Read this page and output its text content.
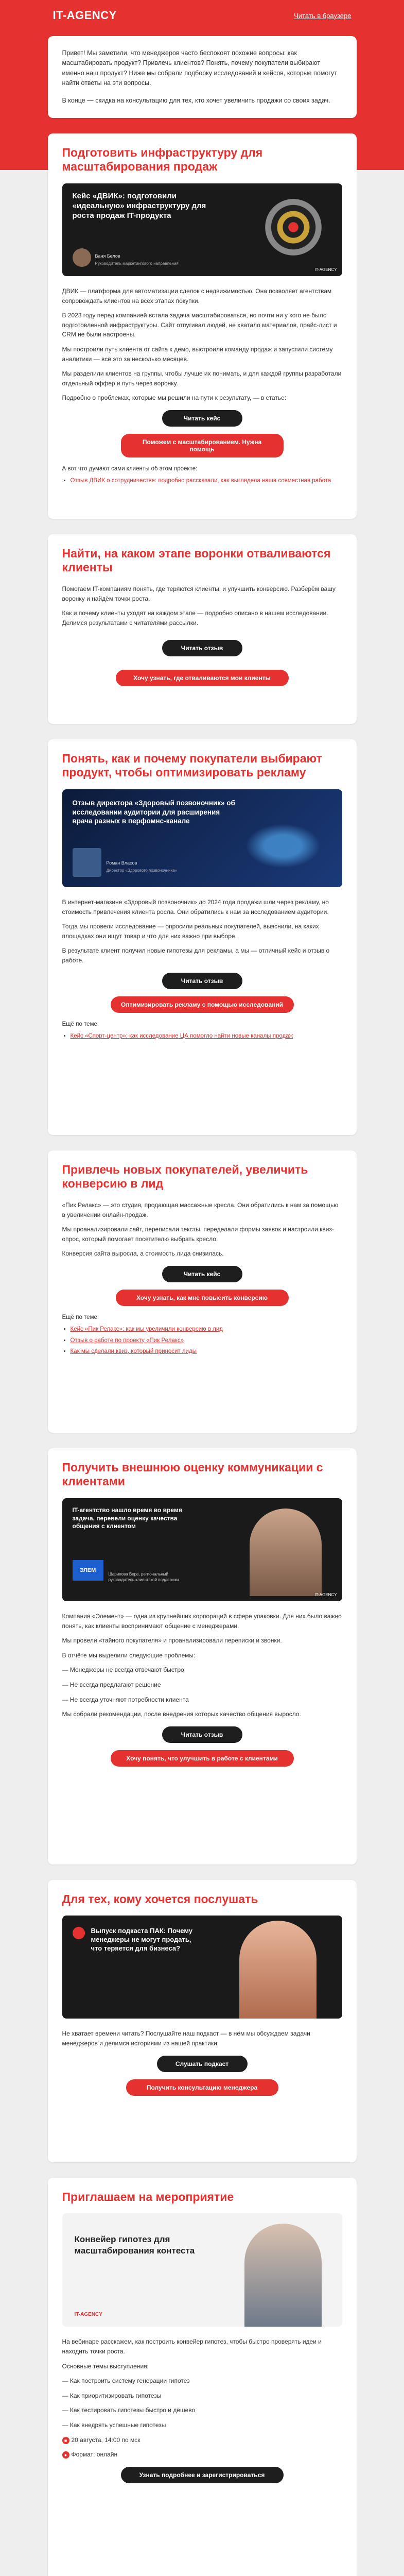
IT-AGENCY	Читать в браузере

Привет! Мы заметили, что менеджеров часто беспокоят похожие вопросы: как масштабировать продукт? Привлечь клиентов? Понять, почему покупатели выбирают именно наш продукт? Ниже мы собрали подборку исследований и кейсов, которые помогут найти ответы на эти вопросы.

В конце — скидка на консультацию для тех, кто хочет увеличить продажи со своих задач.

Подготовить инфраструктуру для масштабирования продаж
Кейс «ДВИК»: подготовили «идеальную» инфраструктуру для роста продаж IT-продукта
Ваня Белов
Руководитель маркетингового направления
IT-AGENCY

ДВИК — платформа для автоматизации сделок с недвижимостью. Она позволяет агентствам сопровождать клиентов на всех этапах покупки.

В 2023 году перед компанией встала задача масштабироваться, но почти ни у кого не было подготовленной инфраструктуры. Сайт отпугивал людей, не хватало материалов, прайс-лист и CRM не были настроены.

Мы построили путь клиента от сайта к демо, выстроили команду продаж и запустили систему аналитики — всё это за несколько месяцев.

Мы разделили клиентов на группы, чтобы лучше их понимать, и для каждой группы разработали отдельный оффер и путь через воронку.

Подробно о проблемах, которые мы решили на пути к результату, — в статье:

Читать кейс
Поможем с масштабированием. Нужна помощь
А вот что думают сами клиенты об этом проекте:
• Отзыв ДВИК о сотрудничестве: подробно рассказали, как выглядела наша совместная работа
Найти, на каком этапе воронки отваливаются клиенты

Помогаем IT-компаниям понять, где теряются клиенты, и улучшить конверсию. Разберём вашу воронку и найдём точки роста.

Как и почему клиенты уходят на каждом этапе — подробно описано в нашем исследовании. Делимся результатами с читателями рассылки.

Читать отзыв
Хочу узнать, где отваливаются мои клиенты
Понять, как и почему покупатели выбирают продукт, чтобы оптимизировать рекламу
Отзыв директора «Здоровый позвоночник» об исследовании аудитории для расширения врача разных в перфомнс-канале
Роман Власов
Директор «Здорового позвоночника»

В интернет-магазине «Здоровый позвоночник» до 2024 года продажи шли через рекламу, но стоимость привлечения клиента росла. Они обратились к нам за исследованием аудитории.

Тогда мы провели исследование — опросили реальных покупателей, выяснили, на каких площадках они ищут товар и что для них важно при выборе.

В результате клиент получил новые гипотезы для рекламы, а мы — отличный кейс и отзыв о работе.

Читать отзыв
Оптимизировать рекламу с помощью исследований
Ещё по теме:
• Кейс «Спорт-центр»: как исследование ЦА помогло найти новые каналы продаж
Привлечь новых покупателей, увеличить конверсию в лид

«Пик Релакс» — это студия, продающая массажные кресла. Они обратились к нам за помощью в увеличении онлайн-продаж.

Мы проанализировали сайт, переписали тексты, переделали формы заявок и настроили квиз-опрос, который помогает посетителю выбрать кресло.

Конверсия сайта выросла, а стоимость лида снизилась.

Читать кейс
Хочу узнать, как мне повысить конверсию
Ещё по теме:
• Кейс «Пик Релакс»: как мы увеличили конверсию в лид
• Отзыв о работе по проекту «Пик Релакс»
• Как мы сделали квиз, который приносит лиды
Получить внешнюю оценку коммуникации с клиентами
IT-агентство нашло время во время задача, перевели оценку качества общения с клиентом
ЭЛЕМ
Шарипова Вера, региональный руководитель клиентской поддержки
IT-AGENCY

Компания «Элемент» — одна из крупнейших корпораций в сфере упаковки. Для них было важно понять, как клиенты воспринимают общение с менеджерами.

Мы провели «тайного покупателя» и проанализировали переписки и звонки.

В отчёте мы выделили следующие проблемы:

— Менеджеры не всегда отвечают быстро

— Не всегда предлагают решение

— Не всегда уточняют потребности клиента

Мы собрали рекомендации, после внедрения которых качество общения выросло.

Читать отзыв
Хочу понять, что улучшить в работе с клиентами
Для тех, кому хочется послушать
Выпуск подкаста ПАК: Почему менеджеры не могут продать, что теряется для бизнеса?

Не хватает времени читать? Послушайте наш подкаст — в нём мы обсуждаем задачи менеджеров и делимся историями из нашей практики.

Слушать подкаст
Получить консультацию менеджера
Приглашаем на мероприятие
Конвейер гипотез для масштабирования контеста
IT-AGENCY

На вебинаре расскажем, как построить конвейер гипотез, чтобы быстро проверять идеи и находить точки роста.

Основные темы выступления:

— Как построить систему генерации гипотез

— Как приоритизировать гипотезы

— Как тестировать гипотезы быстро и дёшево

— Как внедрять успешные гипотезы

■ 20 августа, 14:00 по мск

● Формат: онлайн

Узнать подробнее и зарегистрироваться
